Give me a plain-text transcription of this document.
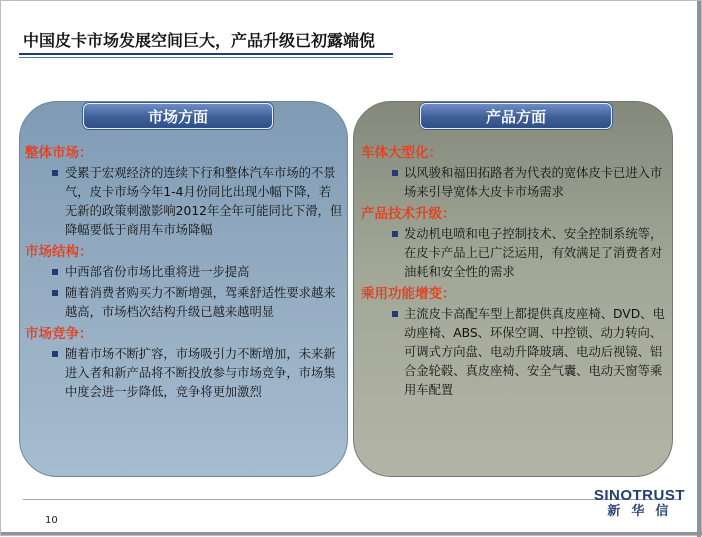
中国皮卡市场发展空间巨大，产品升级已初露端倪
市场方面	产品方面
整体市场：
受累于宏观经济的连续下行和整体汽车市场的不景气，皮卡市场今年1-4月份同比出现小幅下降，若无新的政策刺激影响2012年全年可能同比下滑，但降幅要低于商用车市场降幅
市场结构：
中西部省份市场比重将进一步提高
随着消费者购买力不断增强，驾乘舒适性要求越来越高，市场档次结构升级已越来越明显
市场竞争：
随着市场不断扩容，市场吸引力不断增加，未来新进入者和新产品将不断投放参与市场竞争，市场集中度会进一步降低，竞争将更加激烈
车体大型化：
以风骏和福田拓路者为代表的宽体皮卡已进入市场来引导宽体大皮卡市场需求
产品技术升级：
发动机电喷和电子控制技术、安全控制系统等，在皮卡产品上已广泛运用，有效满足了消费者对油耗和安全性的需求
乘用功能增变：
主流皮卡高配车型上都提供真皮座椅、DVD、电动座椅、ABS、环保空调、中控锁、动力转向、可调式方向盘、电动升降玻璃、电动后视镜、铝合金轮毂、真皮座椅、安全气囊、电动天窗等乘用车配置
10
SINOTRUST
新华信
